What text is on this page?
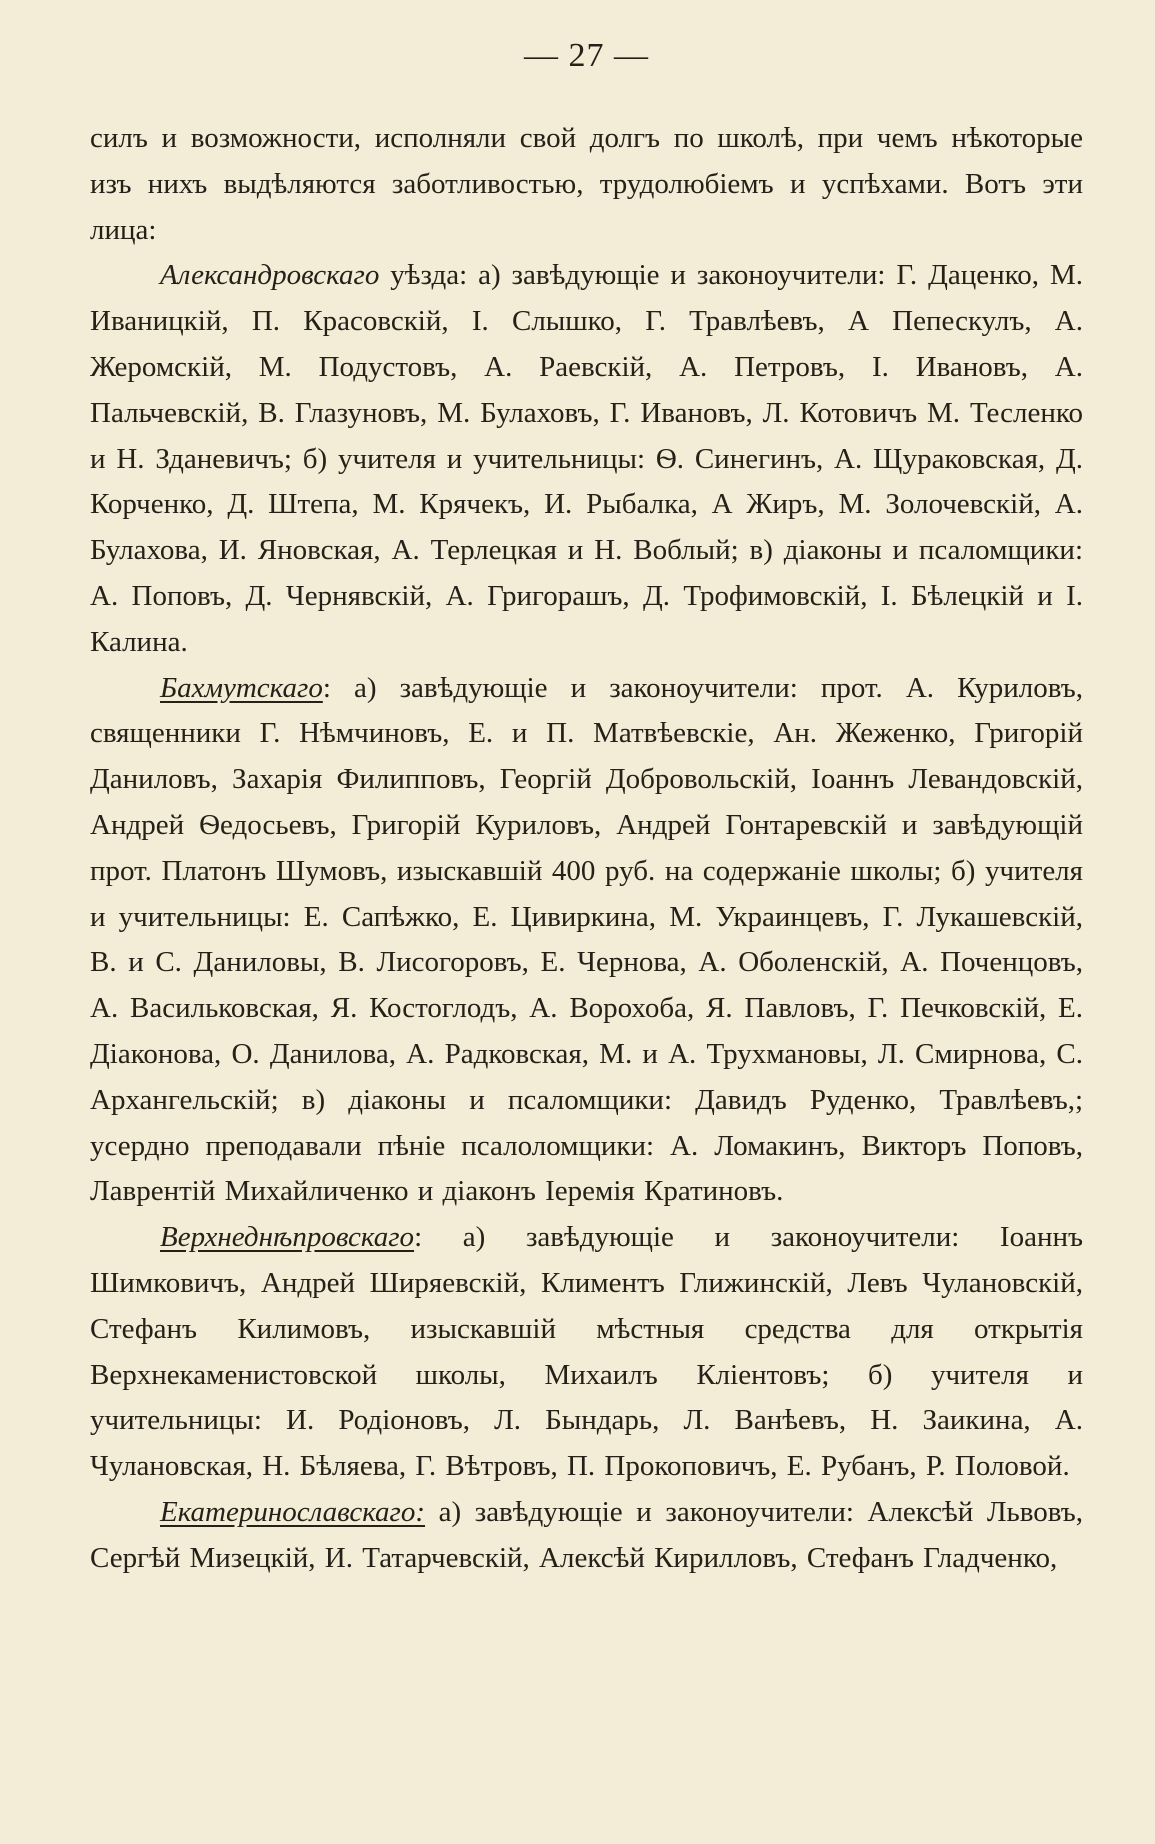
— 27 —

силъ и возможности, исполняли свой долгъ по школѣ, при чемъ нѣкоторые изъ нихъ выдѣляются заботливостью, трудолюбіемъ и успѣхами. Вотъ эти лица:

Александровскаго уѣзда: а) завѣдующіе и законоучители: Г. Даценко, М. Иваницкій, П. Красовскій, І. Слышко, Г. Травлѣевъ, А Пепескулъ, А. Жеромскій, М. Подустовъ, А. Раевскій, А. Петровъ, І. Ивановъ, А. Пальчевскій, В. Глазуновъ, М. Булаховъ, Г. Ивановъ, Л. Котовичъ М. Тесленко и Н. Зданевичъ; б) учителя и учительницы: Ѳ. Синегинъ, А. Щураковская, Д. Корченко, Д. Штепа, М. Крячекъ, И. Рыбалка, А Жиръ, М. Золочевскій, А. Булахова, И. Яновская, А. Терлецкая и Н. Воблый; в) діаконы и псаломщики: А. Поповъ, Д. Чернявскій, А. Григорашъ, Д. Трофимовскій, І. Бѣлецкій и І. Калина.

Бахмутскаго: а) завѣдующіе и законоучители: прот. А. Куриловъ, священники Г. Нѣмчиновъ, Е. и П. Матвѣевскіе, Ан. Жеженко, Григорій Даниловъ, Захарія Филипповъ, Георгій Добровольскій, Іоаннъ Левандовскій, Андрей Ѳедосьевъ, Григорій Куриловъ, Андрей Гонтаревскій и завѣдующій прот. Платонъ Шумовъ, изыскавшій 400 руб. на содержаніе школы; б) учителя и учительницы: Е. Сапѣжко, Е. Цивиркина, М. Украинцевъ, Г. Лукашевскій, В. и С. Даниловы, В. Лисогоровъ, Е. Чернова, А. Оболенскій, А. Поченцовъ, А. Васильковская, Я. Костоглодъ, А. Ворохоба, Я. Павловъ, Г. Печковскій, Е. Діаконова, О. Данилова, А. Радковская, М. и А. Трухмановы, Л. Смирнова, С. Архангельскій; в) діаконы и псаломщики: Давидъ Руденко, Травлѣевъ,; усердно преподавали пѣніе псалоломщики: А. Ломакинъ, Викторъ Поповъ, Лаврентій Михайличенко и діаконъ Іеремія Кратиновъ.

Верхнеднѣпровскаго: а) завѣдующіе и законоучители: Іоаннъ Шимковичъ, Андрей Ширяевскій, Климентъ Глижинскій, Левъ Чулановскій, Стефанъ Килимовъ, изыскавшій мѣстныя средства для открытія Верхнекаменистовской школы, Михаилъ Кліентовъ; б) учителя и учительницы: И. Родіоновъ, Л. Бындарь, Л. Ванѣевъ, Н. Заикина, А. Чулановская, Н. Бѣляева, Г. Вѣтровъ, П. Прокоповичъ, Е. Рубанъ, Р. Половой.

Екатеринославскаго: а) завѣдующіе и законоучители: Алексѣй Львовъ, Сергѣй Мизецкій, И. Татарчевскій, Алексѣй Кирилловъ, Стефанъ Гладченко,
